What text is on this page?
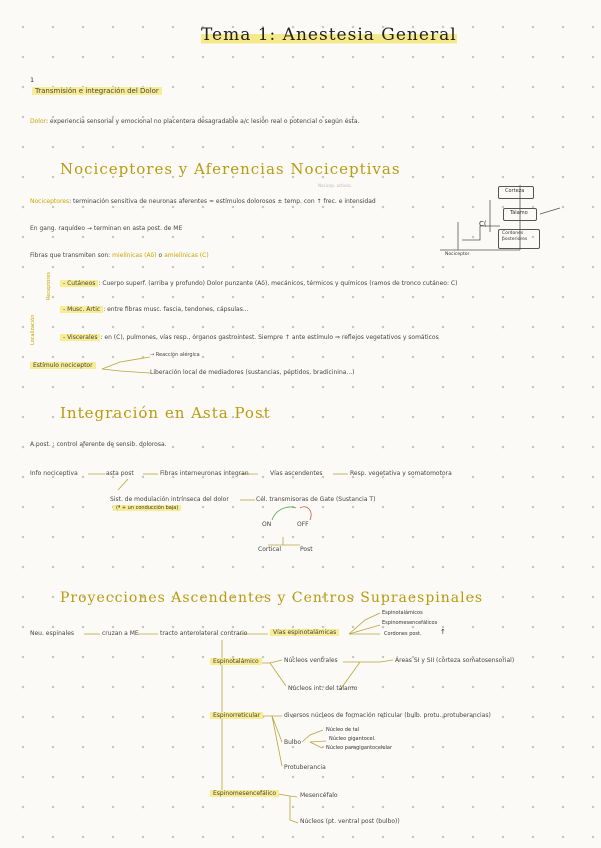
Tema 1: Anestesia General
1
Transmisión e integración del Dolor
Dolor: experiencia sensorial y emocional no placentera desagradable a/c lesión real o potencial o según ésta.
Nociceptores y Aferencias Nociceptivas
Nocicep. activac.
Nociceptores: terminación sensitiva de neuronas aferentes ≈ estímulos dolorosos ± temp. con ↑ frec. e intensidad
En gang. raquídeo → terminan en asta post. de ME
Fibras que transmiten son: mielínicas (Aδ) o amielínicas (C)
Receptores
Localización
- Cutáneos : Cuerpo superf. (arriba y profundo) Dolor punzante (Aδ), mecánicos, térmicos y químicos (ramos de tronco cutáneo: C)
- Musc. Artic : entre fibras musc. fascia, tendones, cápsulas...
- Viscerales : en (C), pulmones, vías resp., órganos gastrointest. Siempre ↑ ante estímulo ⇒ reflejos vegetativos y somáticos
Estímulo nociceptor
→ Reacción alérgica
Liberación local de mediadores (sustancias, péptidos, bradicinina...)
Corteza
Tálamo
Cordones posteriores
C(
Nociceptor
Integración en Asta Post
A.post. : control aferente de sensib. dolorosa.
Info nociceptiva	asta post	Fibras interneuronas integran	Vías ascendentes	Resp. vegetativa y somatomotora
Sist. de modulación intrínseca del dolor
(ª + un conducción baja)
Cél. transmisoras de Gate (Sustancia T)
ON	OFF
Cortical	Post
Proyecciones Ascendentes y Centros Supraespinales
Neu. espinales	cruzan a ME	tracto anterolateral contrario	Vías espinotalámicas
Espinotalámicos
Espinomesencefálicos
Cordones post.	↑
Espinotalámico	Núcleos ventrales	Áreas SI y SII (corteza somatosensorial)
Núcleos int. del tálamo
Espinorreticular	diversos núcleos de formación reticular (bulb. protu. protuberancias)
Bulbo
Núcleo de tal
Núcleo gigantocel.
Núcleo paragigantocelular
Protuberancia
Espinomesencefálico	Mesencéfalo
Núcleos (pt. ventral post (bulbo))
